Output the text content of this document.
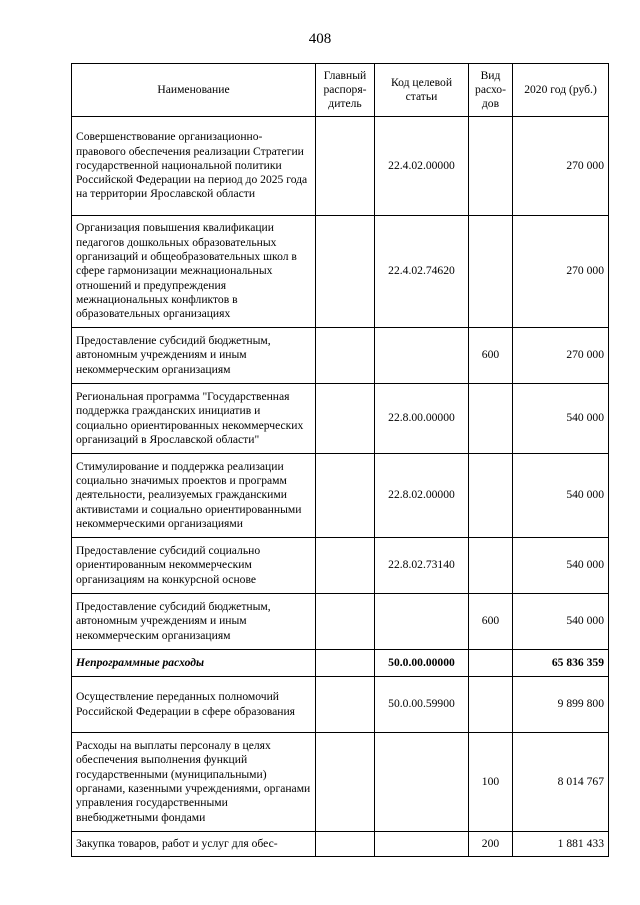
408
Наименование	Главный распоря-дитель	Код целевой статьи	Вид расхо-дов	2020 год (руб.)
Совершенствование организационно-правового обеспечения реализации Стратегии государственной национальной политики Российской Федерации на период до 2025 года на территории Ярославской области		22.4.02.00000		270 000
Организация повышения квалификации педагогов дошкольных образовательных организаций и общеобразовательных школ в сфере гармонизации межнациональных отношений и предупреждения межнациональных конфликтов в образовательных организациях		22.4.02.74620		270 000
Предоставление субсидий бюджетным, автономным учреждениям и иным некоммерческим организациям			600	270 000
Региональная программа "Государственная поддержка гражданских инициатив и социально ориентированных некоммерческих организаций в Ярославской области"		22.8.00.00000		540 000
Стимулирование и поддержка реализации социально значимых проектов и программ деятельности, реализуемых гражданскими активистами и социально ориентированными некоммерческими организациями		22.8.02.00000		540 000
Предоставление субсидий социально ориентированным некоммерческим организациям на конкурсной основе		22.8.02.73140		540 000
Предоставление субсидий бюджетным, автономным учреждениям и иным некоммерческим организациям			600	540 000
Непрограммные расходы		50.0.00.00000		65 836 359
Осуществление переданных полномочий Российской Федерации в сфере образования		50.0.00.59900		9 899 800
Расходы на выплаты персоналу в целях обеспечения выполнения функций государственными (муниципальными) органами, казенными учреждениями, органами управления государственными внебюджетными фондами			100	8 014 767
Закупка товаров, работ и услуг для обес-			200	1 881 433
